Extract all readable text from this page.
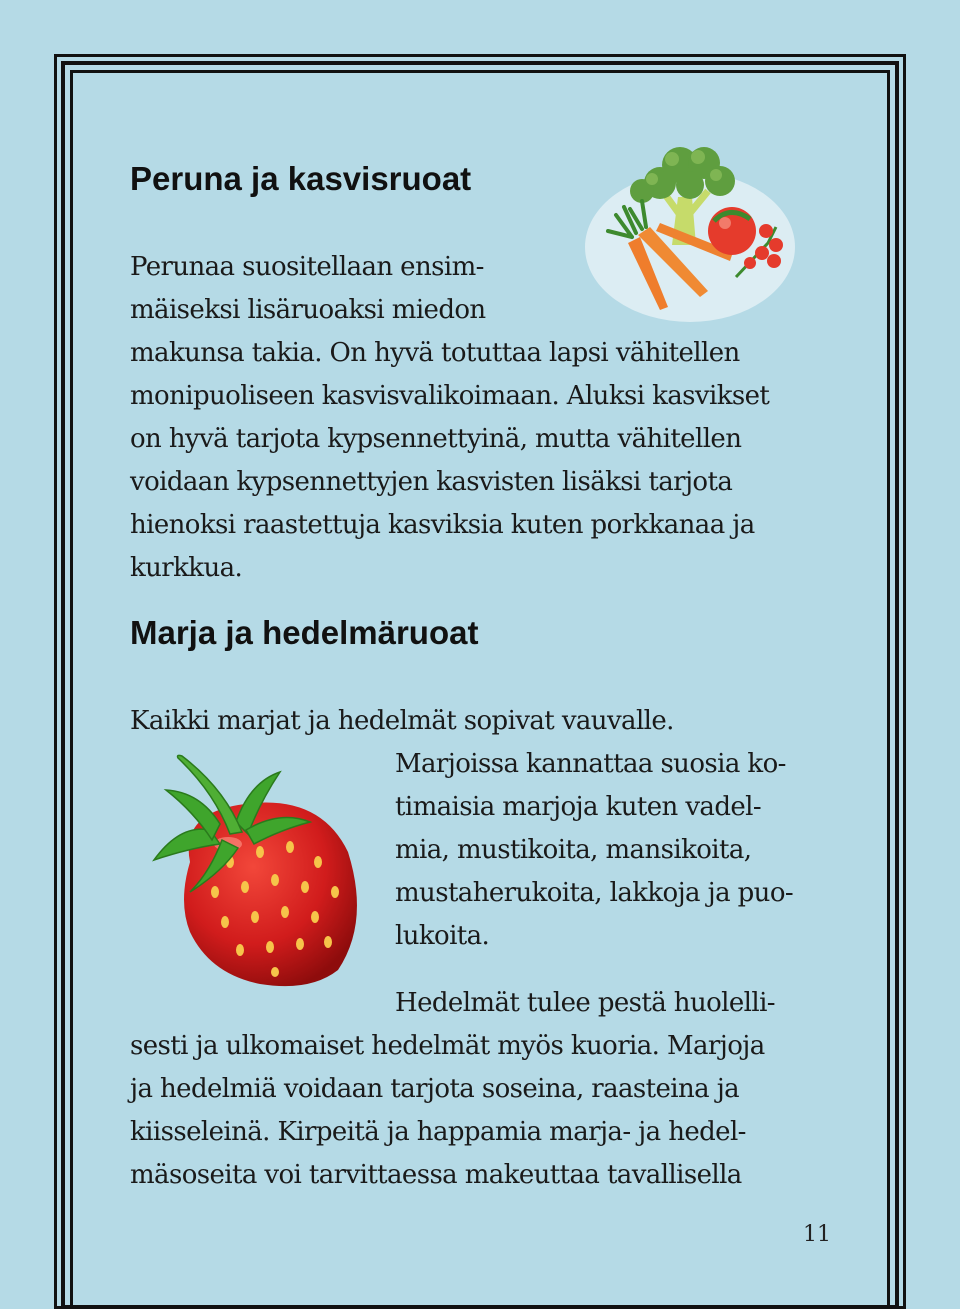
Peruna ja kasvisruoat

Perunaa suositellaan ensim-
mäiseksi lisäruoaksi miedon
makunsa takia. On hyvä totuttaa lapsi vähitellen
monipuoliseen kasvisvalikoimaan. Aluksi kasvikset
on hyvä tarjota kypsennettyinä, mutta vähitellen
voidaan kypsennettyjen kasvisten lisäksi tarjota
hienoksi raastettuja kasviksia kuten porkkanaa ja
kurkkua.

Marja ja hedelmäruoat

Kaikki marjat ja hedelmät sopivat vauvalle.

Marjoissa kannattaa suosia ko-
timaisia marjoja kuten vadel-
mia, mustikoita, mansikoita,
mustaherukoita, lakkoja ja puo-
lukoita.

Hedelmät tulee pestä huolelli-

sesti ja ulkomaiset hedelmät myös kuoria. Marjoja
ja hedelmiä voidaan tarjota soseina, raasteina ja
kiisseleinä. Kirpeitä ja happamia marja- ja hedel-
mäsoseita voi tarvittaessa makeuttaa tavallisella

11
